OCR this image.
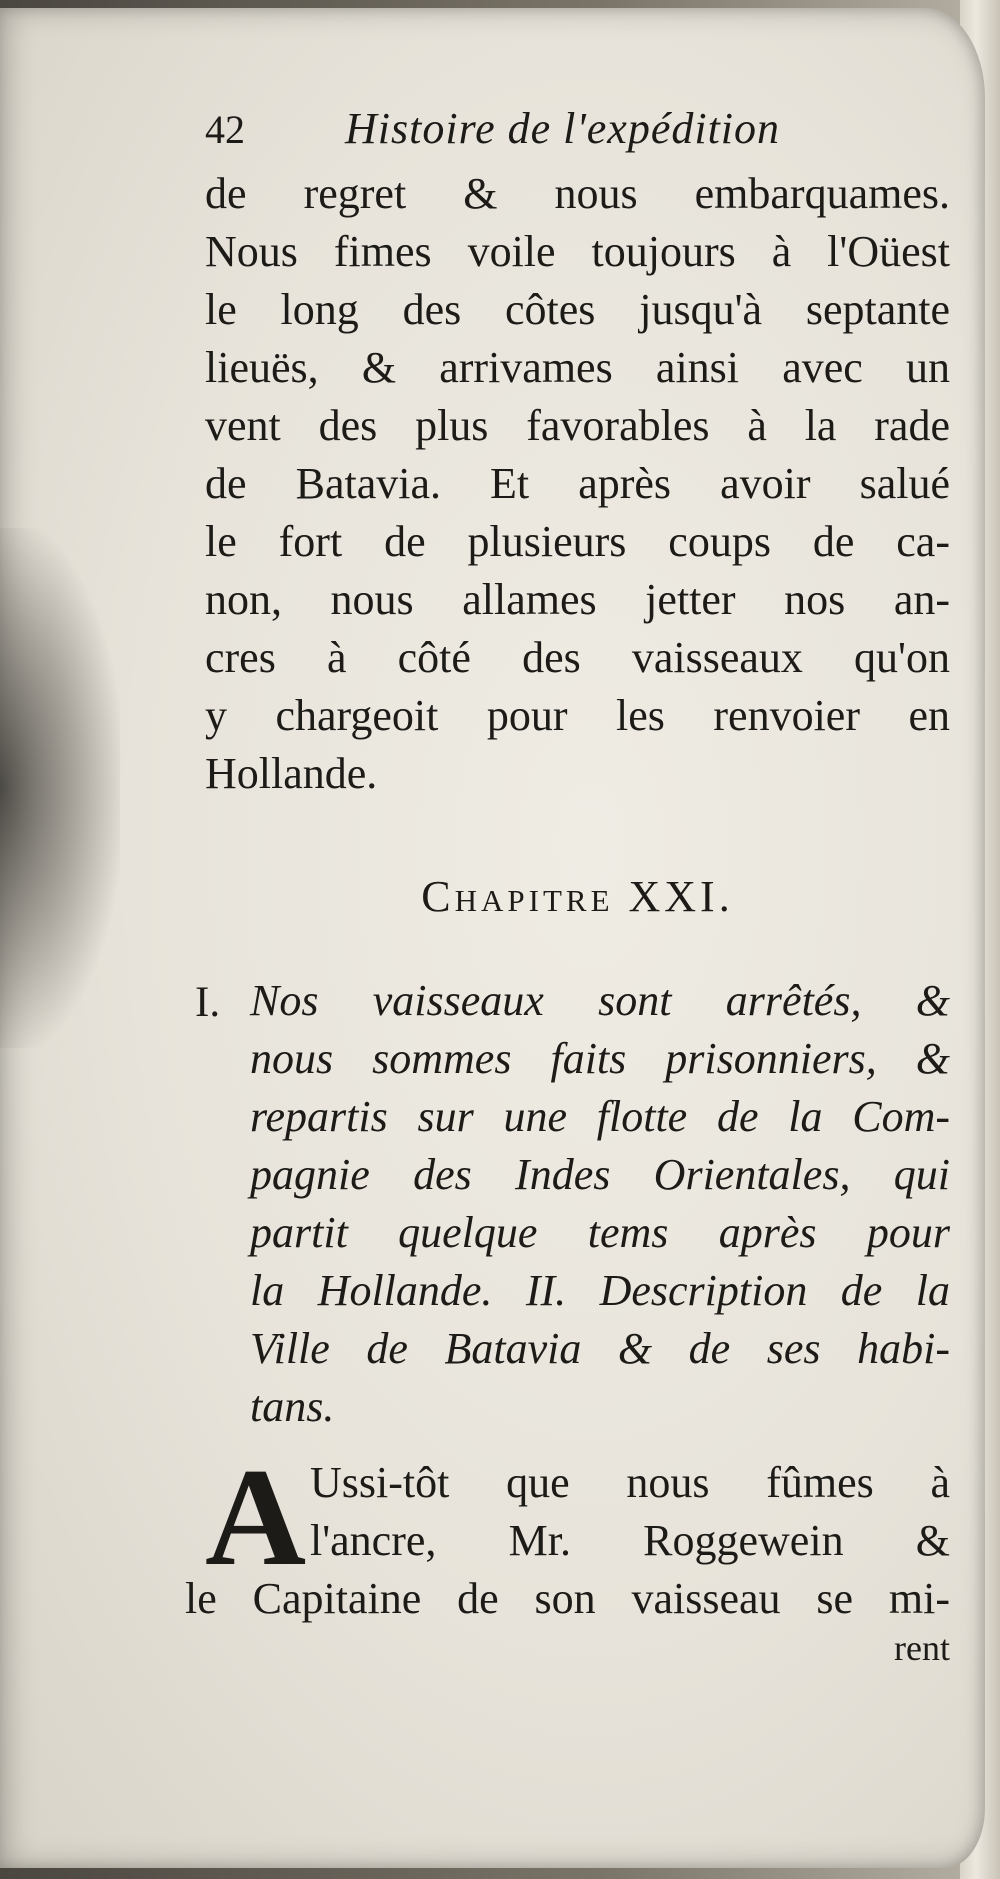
42	Histoire de l'expédition
de regret & nous embarquames.
Nous fimes voile toujours à l'Oüest
le long des côtes jusqu'à septante
lieuës, & arrivames ainsi avec un
vent des plus favorables à la rade
de Batavia. Et après avoir salué
le fort de plusieurs coups de ca-
non, nous allames jetter nos an-
cres à côté des vaisseaux qu'on
y chargeoit pour les renvoier en
Hollande.
Chapitre XXI.
I. Nos vaisseaux sont arrêtés, &
nous sommes faits prisonniers, &
repartis sur une flotte de la Com-
pagnie des Indes Orientales, qui
partit quelque tems après pour
la Hollande. II. Description de la
Ville de Batavia & de ses habi-
tans.
A Ussi-tôt que nous fûmes à
l'ancre, Mr. Roggewein &
le Capitaine de son vaisseau se mi-
rent
